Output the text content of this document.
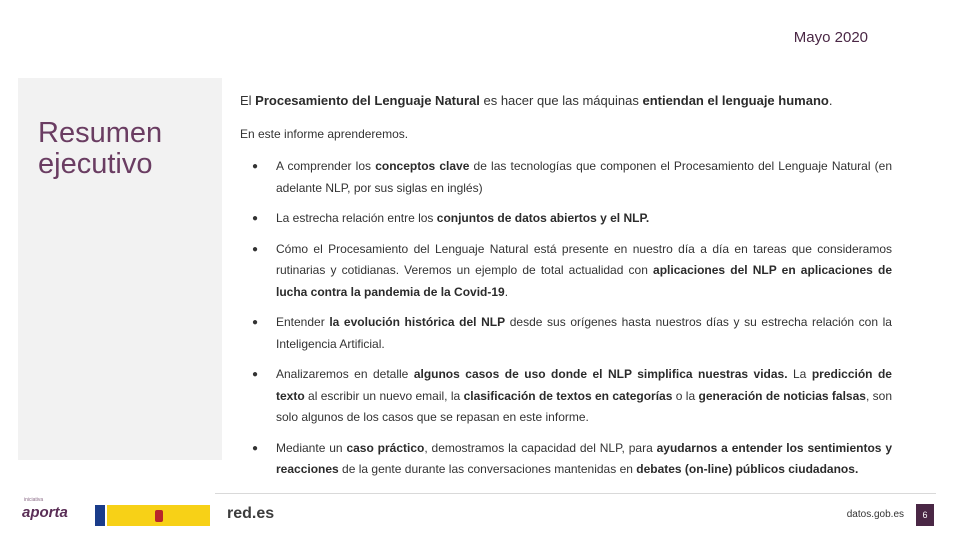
Mayo 2020
Resumen ejecutivo

El Procesamiento del Lenguaje Natural es hacer que las máquinas entiendan el lenguaje humano.

En este informe aprenderemos.

● A comprender los conceptos clave de las tecnologías que componen el Procesamiento del Lenguaje Natural (en adelante NLP, por sus siglas en inglés)
● La estrecha relación entre los conjuntos de datos abiertos y el NLP.
● Cómo el Procesamiento del Lenguaje Natural está presente en nuestro día a día en tareas que consideramos rutinarias y cotidianas. Veremos un ejemplo de total actualidad con aplicaciones del NLP en aplicaciones de lucha contra la pandemia de la Covid-19.
● Entender la evolución histórica del NLP desde sus orígenes hasta nuestros días y su estrecha relación con la Inteligencia Artificial.
● Analizaremos en detalle algunos casos de uso donde el NLP simplifica nuestras vidas. La predicción de texto al escribir un nuevo email, la clasificación de textos en categorías o la generación de noticias falsas, son solo algunos de los casos que se repasan en este informe.
● Mediante un caso práctico, demostramos la capacidad del NLP, para ayudarnos a entender los sentimientos y reacciones de la gente durante las conversaciones mantenidas en debates (on-line) públicos ciudadanos.
iniciativa
aporta	red.es	datos.gob.es	6
